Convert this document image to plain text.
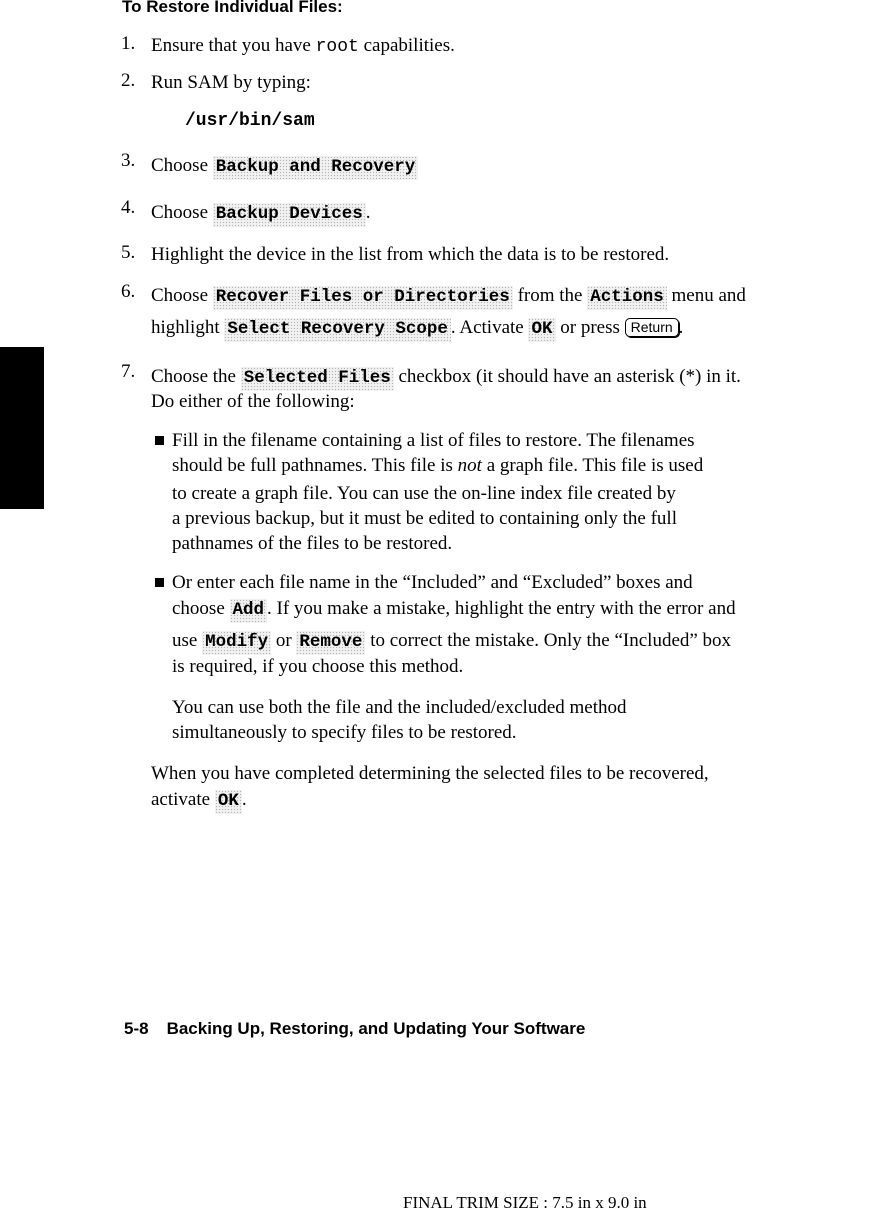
To Restore Individual Files:
1. Ensure that you have root capabilities.
2. Run SAM by typing:
/usr/bin/sam
3. Choose Backup and Recovery
4. Choose Backup Devices .
5. Highlight the device in the list from which the data is to be restored.
6. Choose Recover Files or Directories from the Actions menu and
highlight Select Recovery Scope . Activate OK or press Return .
5	7. Choose the Selected Files checkbox (it should have an asterisk (*) in it.
Do either of the following:
Fill in the filename containing a list of files to restore. The filenames
should be full pathnames. This file is not a graph file. This file is used
to create a graph file. You can use the on-line index file created by
a previous backup, but it must be edited to containing only the full
pathnames of the files to be restored.
Or enter each file name in the “Included” and “Excluded” boxes and
choose Add . If you make a mistake, highlight the entry with the error and
use Modify or Remove to correct the mistake. Only the “Included” box
is required, if you choose this method.
You can use both the file and the included/excluded method
simultaneously to specify files to be restored.
When you have completed determining the selected files to be recovered,
activate OK .
5-8 Backing Up, Restoring, and Updating Your Software
FINAL TRIM SIZE : 7.5 in x 9.0 in
